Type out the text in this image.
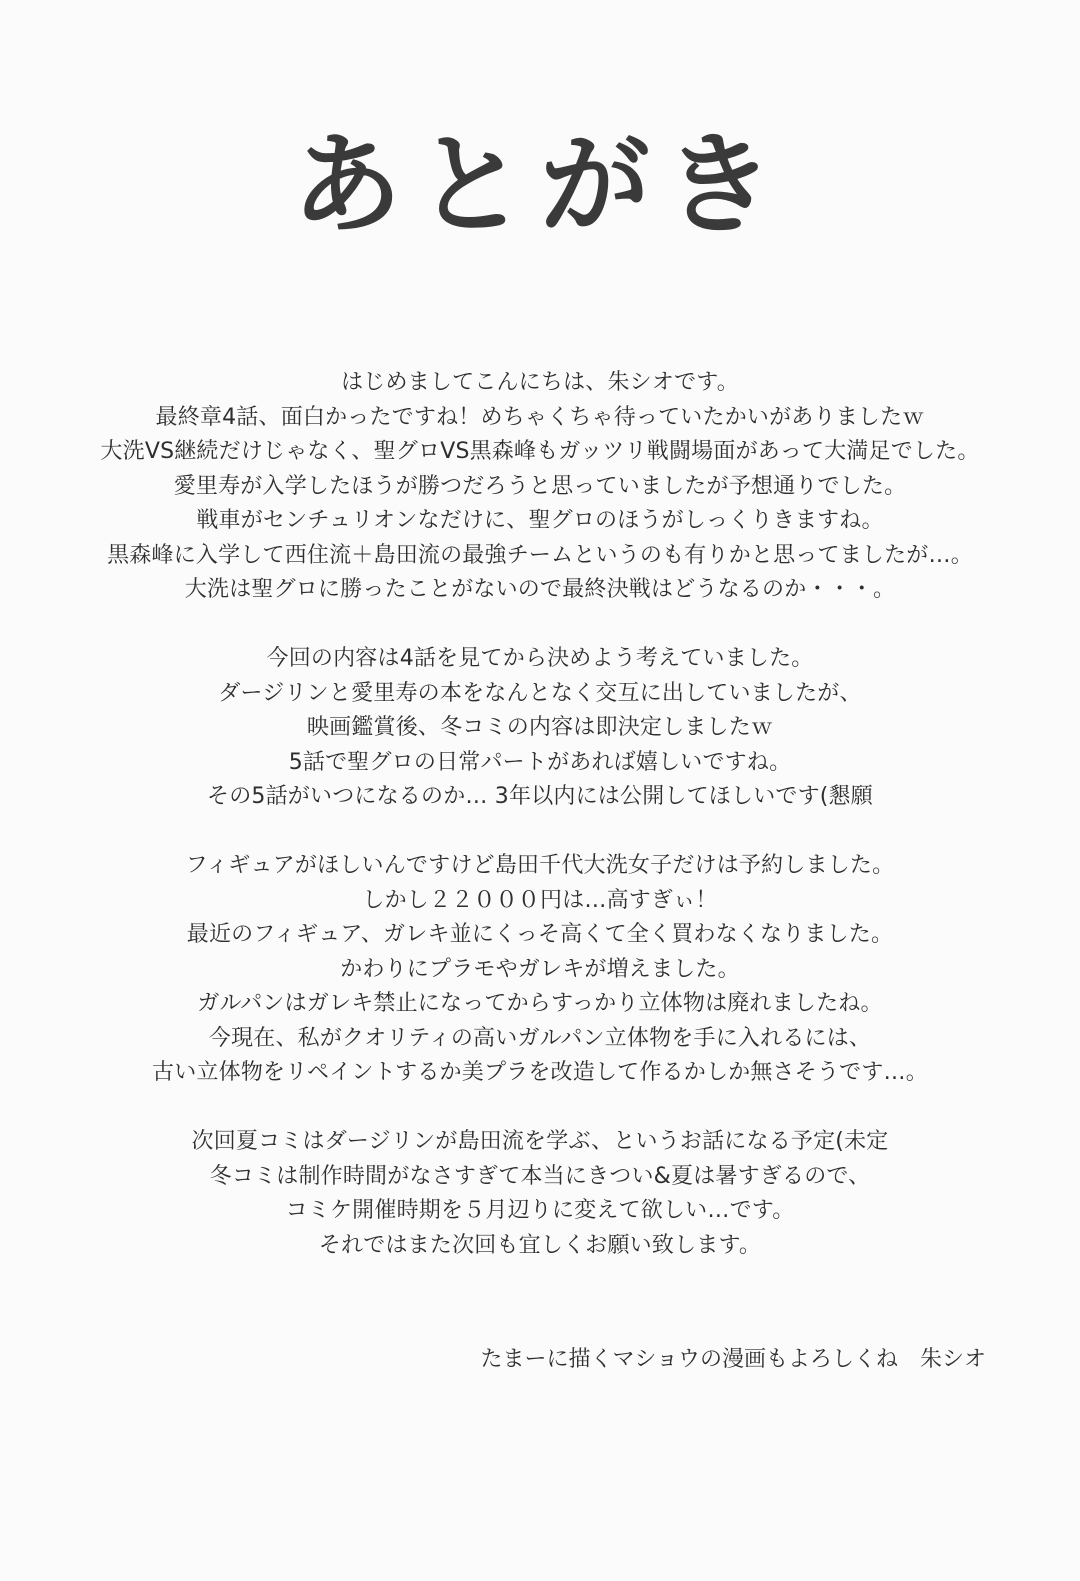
あとがき
はじめましてこんにちは、朱シオです。
最終章4話、面白かったですね！めちゃくちゃ待っていたかいがありましたｗ
大洗VS継続だけじゃなく、聖グロVS黒森峰もガッツリ戦闘場面があって大満足でした。
愛里寿が入学したほうが勝つだろうと思っていましたが予想通りでした。
戦車がセンチュリオンなだけに、聖グロのほうがしっくりきますね。
黒森峰に入学して西住流＋島田流の最強チームというのも有りかと思ってましたが…。
大洗は聖グロに勝ったことがないので最終決戦はどうなるのか・・・。
今回の内容は4話を見てから決めよう考えていました。
ダージリンと愛里寿の本をなんとなく交互に出していましたが、
映画鑑賞後、冬コミの内容は即決定しましたｗ
5話で聖グロの日常パートがあれば嬉しいですね。
その5話がいつになるのか… 3年以内には公開してほしいです(懇願
フィギュアがほしいんですけど島田千代大洗女子だけは予約しました。
しかし２２０００円は…高すぎぃ！
最近のフィギュア、ガレキ並にくっそ高くて全く買わなくなりました。
かわりにプラモやガレキが増えました。
ガルパンはガレキ禁止になってからすっかり立体物は廃れましたね。
今現在、私がクオリティの高いガルパン立体物を手に入れるには、
古い立体物をリペイントするか美プラを改造して作るかしか無さそうです…。
次回夏コミはダージリンが島田流を学ぶ、というお話になる予定(未定
冬コミは制作時間がなさすぎて本当にきつい&夏は暑すぎるので、
コミケ開催時期を５月辺りに変えて欲しい…です。
それではまた次回も宜しくお願い致します。
たまーに描くマショウの漫画もよろしくね　朱シオ
